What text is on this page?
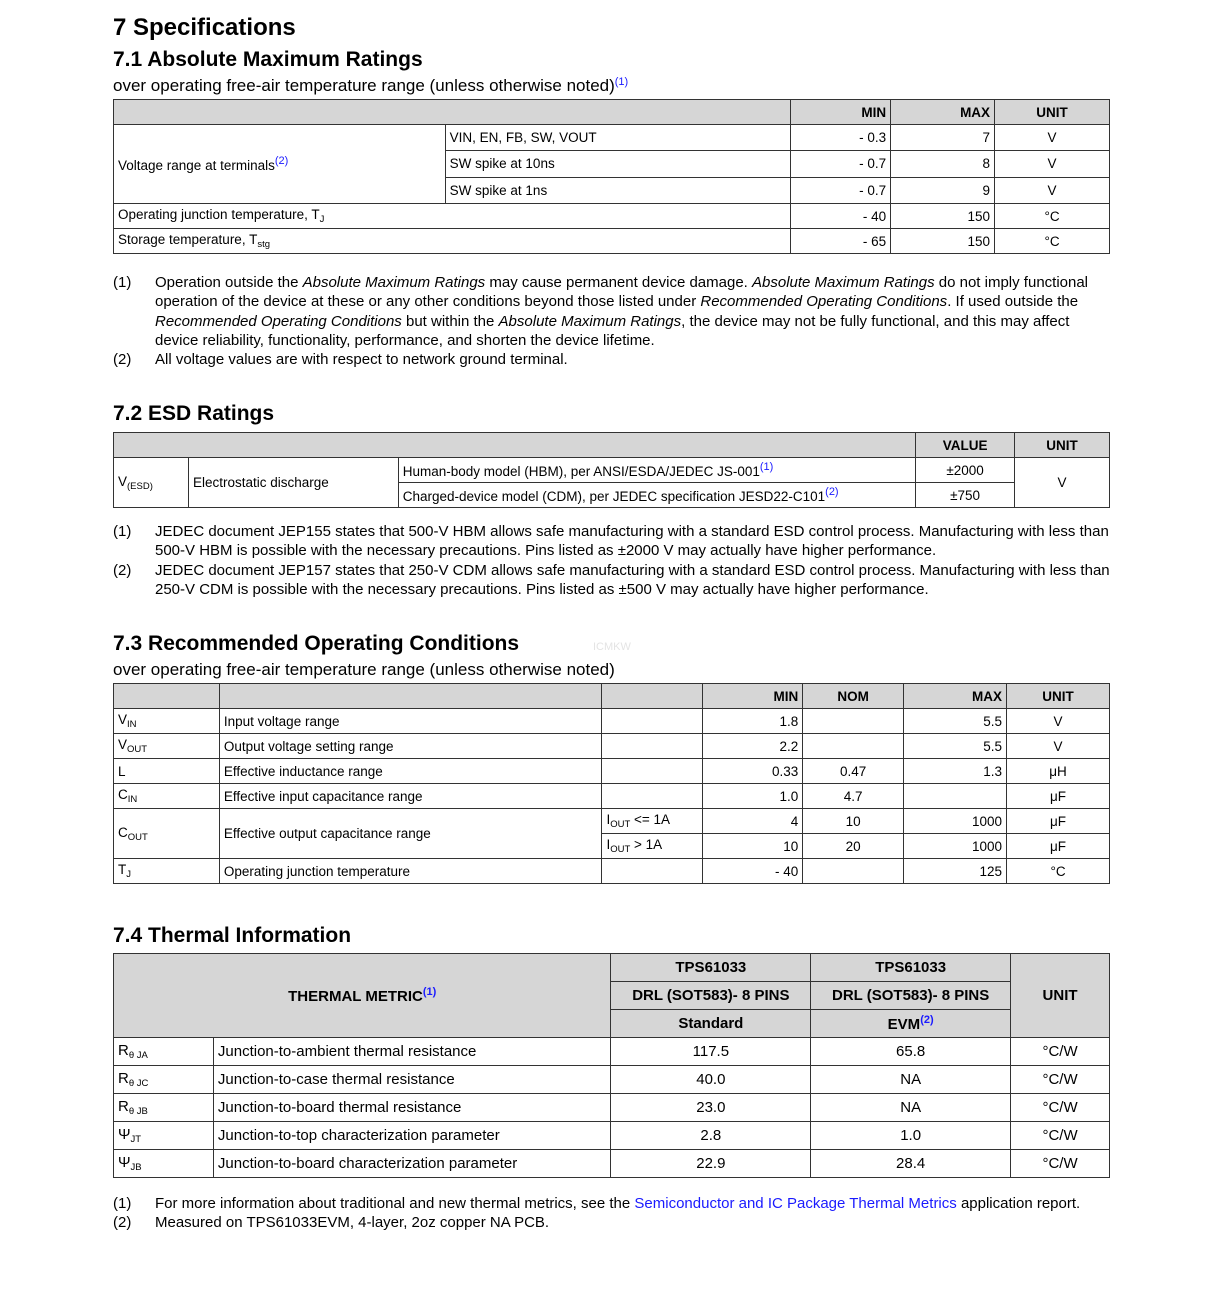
7 Specifications
7.1 Absolute Maximum Ratings
over operating free-air temperature range (unless otherwise noted)$^{(1)}$
		MIN	MAX	UNIT
Voltage range at terminals$^{(2)}$	VIN, EN, FB, SW, VOUT	- 0.3	7	V
	SW spike at 10ns	- 0.7	8	V
	SW spike at 1ns	- 0.7	9	V
Operating junction temperature, $T_J$		- 40	150	°C
Storage temperature, $T_{stg}$		- 65	150	°C
(1)	Operation outside the Absolute Maximum Ratings may cause permanent device damage. Absolute Maximum Ratings do not imply functional operation of the device at these or any other conditions beyond those listed under Recommended Operating Conditions. If used outside the Recommended Operating Conditions but within the Absolute Maximum Ratings, the device may not be fully functional, and this may affect device reliability, functionality, performance, and shorten the device lifetime.
(2)	All voltage values are with respect to network ground terminal.
7.2 ESD Ratings
			VALUE	UNIT
$V_{(ESD)}$	Electrostatic discharge	Human-body model (HBM), per ANSI/ESDA/JEDEC JS-001$^{(1)}$	±2000	V
		Charged-device model (CDM), per JEDEC specification JESD22-C101$^{(2)}$	±750	
(1)	JEDEC document JEP155 states that 500-V HBM allows safe manufacturing with a standard ESD control process. Manufacturing with less than 500-V HBM is possible with the necessary precautions. Pins listed as ±2000 V may actually have higher performance.
(2)	JEDEC document JEP157 states that 250-V CDM allows safe manufacturing with a standard ESD control process. Manufacturing with less than 250-V CDM is possible with the necessary precautions. Pins listed as ±500 V may actually have higher performance.
7.3 Recommended Operating Conditions	ICMKW
over operating free-air temperature range (unless otherwise noted)
			MIN	NOM	MAX	UNIT
$V_{IN}$	Input voltage range		1.8		5.5	V
$V_{OUT}$	Output voltage setting range		2.2		5.5	V
L	Effective inductance range		0.33	0.47	1.3	μH
$C_{IN}$	Effective input capacitance range		1.0	4.7		μF
$C_{OUT}$	Effective output capacitance range	$I_{OUT} <= 1A$	4	10	1000	μF
		$I_{OUT} > 1A$	10	20	1000	μF
$T_J$	Operating junction temperature		- 40		125	°C
7.4 Thermal Information
THERMAL METRIC$^{(1)}$		TPS61033	TPS61033	UNIT
		DRL (SOT583)- 8 PINS	DRL (SOT583)- 8 PINS	
		Standard	EVM$^{(2)}$
$R_{\theta JA}$	Junction-to-ambient thermal resistance	117.5	65.8	°C/W
$R_{\theta JC}$	Junction-to-case thermal resistance	40.0	NA	°C/W
$R_{\theta JB}$	Junction-to-board thermal resistance	23.0	NA	°C/W
$\Psi_{JT}$	Junction-to-top characterization parameter	2.8	1.0	°C/W
$\Psi_{JB}$	Junction-to-board characterization parameter	22.9	28.4	°C/W
(1)	For more information about traditional and new thermal metrics, see the Semiconductor and IC Package Thermal Metrics application report.
(2)	Measured on TPS61033EVM, 4-layer, 2oz copper NA PCB.
